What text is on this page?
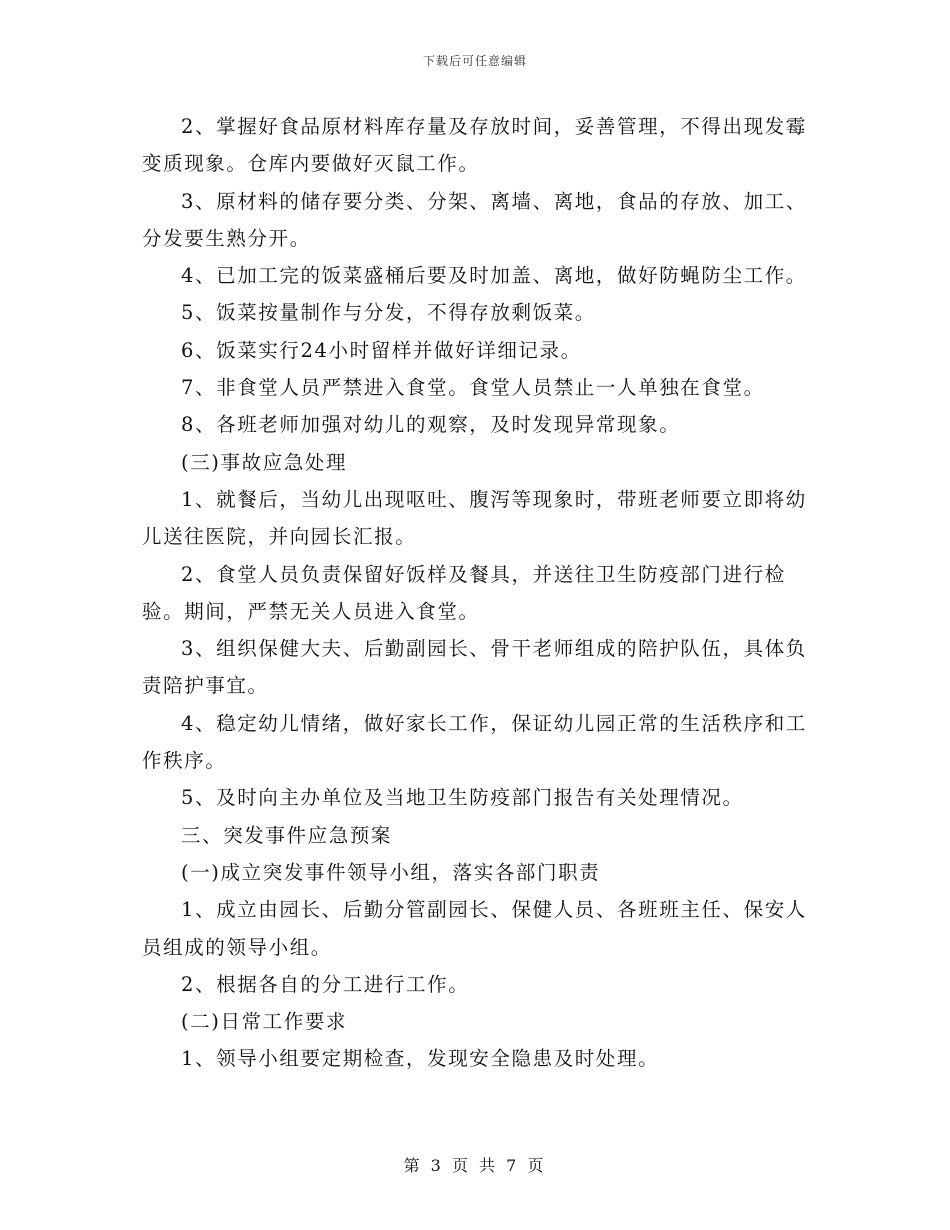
下载后可任意编辑

2、掌握好食品原材料库存量及存放时间，妥善管理，不得出现发霉变质现象。仓库内要做好灭鼠工作。

3、原材料的储存要分类、分架、离墙、离地，食品的存放、加工、分发要生熟分开。

4、已加工完的饭菜盛桶后要及时加盖、离地，做好防蝇防尘工作。

5、饭菜按量制作与分发，不得存放剩饭菜。

6、饭菜实行24小时留样并做好详细记录。

7、非食堂人员严禁进入食堂。食堂人员禁止一人单独在食堂。

8、各班老师加强对幼儿的观察，及时发现异常现象。

(三)事故应急处理

1、就餐后，当幼儿出现呕吐、腹泻等现象时，带班老师要立即将幼儿送往医院，并向园长汇报。

2、食堂人员负责保留好饭样及餐具，并送往卫生防疫部门进行检验。期间，严禁无关人员进入食堂。

3、组织保健大夫、后勤副园长、骨干老师组成的陪护队伍，具体负责陪护事宜。

4、稳定幼儿情绪，做好家长工作，保证幼儿园正常的生活秩序和工作秩序。

5、及时向主办单位及当地卫生防疫部门报告有关处理情况。

三、突发事件应急预案

(一)成立突发事件领导小组，落实各部门职责

1、成立由园长、后勤分管副园长、保健人员、各班班主任、保安人员组成的领导小组。

2、根据各自的分工进行工作。

(二)日常工作要求

1、领导小组要定期检查，发现安全隐患及时处理。

第 3 页 共 7 页
